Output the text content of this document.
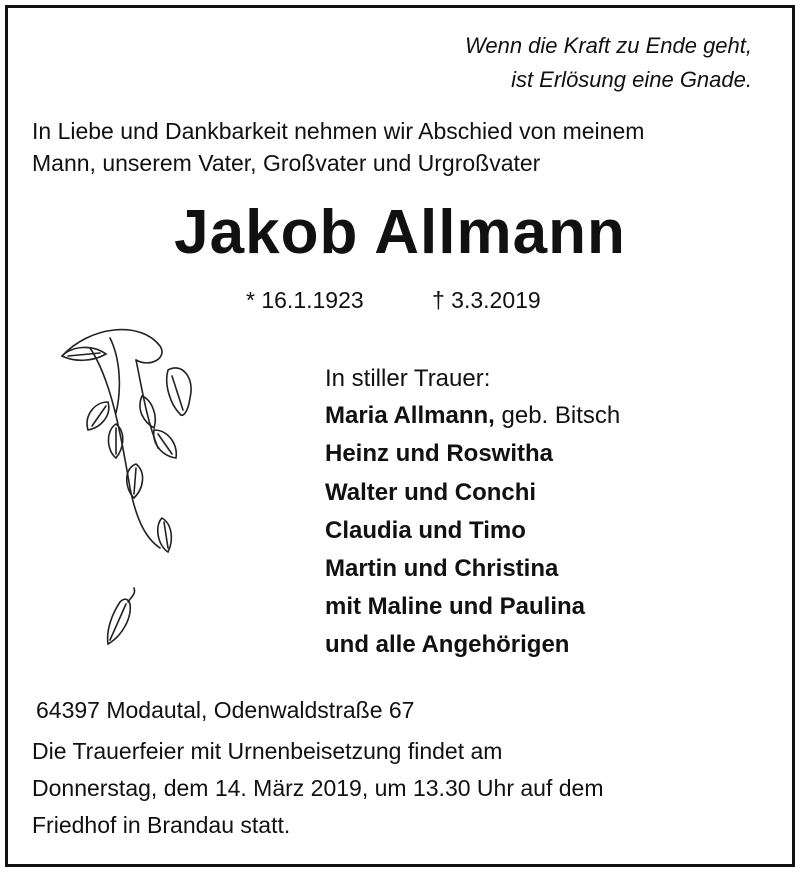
Wenn die Kraft zu Ende geht,

ist Erlösung eine Gnade.

In Liebe und Dankbarkeit nehmen wir Abschied von meinem

Mann, unserem Vater, Großvater und Urgroßvater

Jakob Allmann

* 16.1.1923	† 3.3.2019

In stiller Trauer:

Maria Allmann, geb. Bitsch

Heinz und Roswitha

Walter und Conchi

Claudia und Timo

Martin und Christina

mit Maline und Paulina

und alle Angehörigen

64397 Modautal, Odenwaldstraße 67

Die Trauerfeier mit Urnenbeisetzung findet am

Donnerstag, dem 14. März 2019, um 13.30 Uhr auf dem

Friedhof in Brandau statt.
